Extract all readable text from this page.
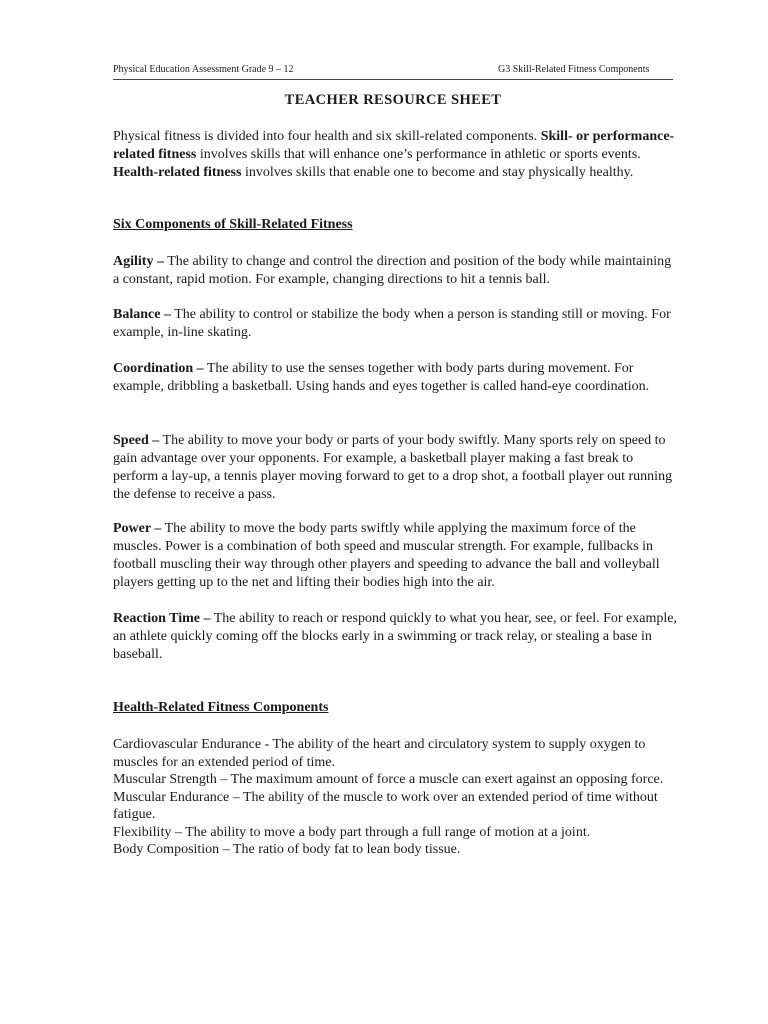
Physical Education Assessment Grade 9 – 12	G3 Skill-Related Fitness Components
TEACHER RESOURCE SHEET

Physical fitness is divided into four health and six skill-related components. Skill- or performance-related fitness involves skills that will enhance one’s performance in athletic or sports events. Health-related fitness involves skills that enable one to become and stay physically healthy.

Six Components of Skill-Related Fitness

Agility – The ability to change and control the direction and position of the body while maintaining a constant, rapid motion. For example, changing directions to hit a tennis ball.

Balance – The ability to control or stabilize the body when a person is standing still or moving. For example, in-line skating.

Coordination – The ability to use the senses together with body parts during movement. For example, dribbling a basketball. Using hands and eyes together is called hand-eye coordination.

Speed – The ability to move your body or parts of your body swiftly. Many sports rely on speed to gain advantage over your opponents. For example, a basketball player making a fast break to perform a lay-up, a tennis player moving forward to get to a drop shot, a football player out running the defense to receive a pass.

Power – The ability to move the body parts swiftly while applying the maximum force of the muscles. Power is a combination of both speed and muscular strength. For example, fullbacks in football muscling their way through other players and speeding to advance the ball and volleyball players getting up to the net and lifting their bodies high into the air.

Reaction Time – The ability to reach or respond quickly to what you hear, see, or feel. For example, an athlete quickly coming off the blocks early in a swimming or track relay, or stealing a base in baseball.

Health-Related Fitness Components

Cardiovascular Endurance - The ability of the heart and circulatory system to supply oxygen to muscles for an extended period of time.
Muscular Strength – The maximum amount of force a muscle can exert against an opposing force.
Muscular Endurance – The ability of the muscle to work over an extended period of time without fatigue.
Flexibility – The ability to move a body part through a full range of motion at a joint.
Body Composition – The ratio of body fat to lean body tissue.
